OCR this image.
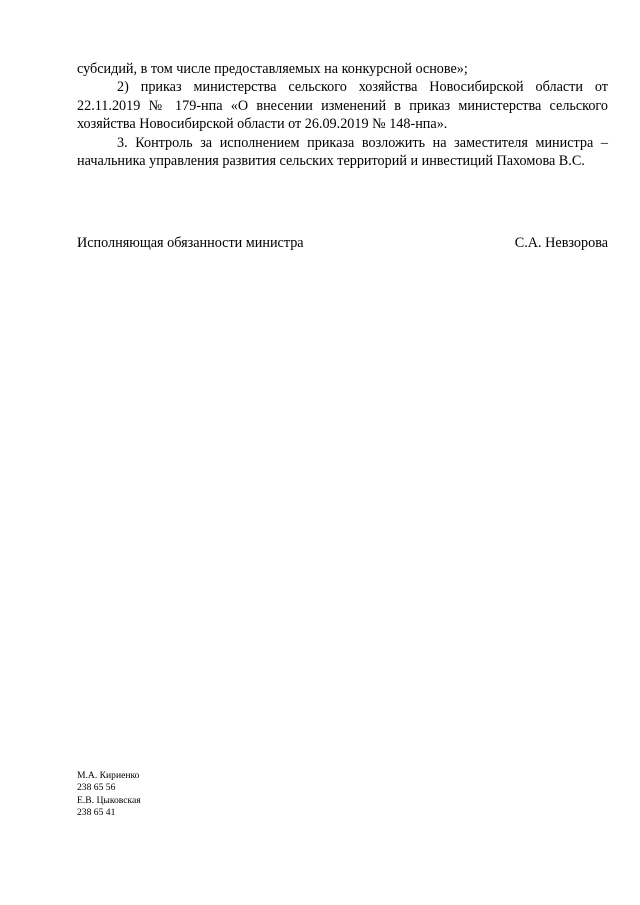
субсидий, в том числе предоставляемых на конкурсной основе»;

2) приказ министерства сельского хозяйства Новосибирской области от 22.11.2019 № 179-нпа «О внесении изменений в приказ министерства сельского хозяйства Новосибирской области от 26.09.2019 № 148-нпа».

3. Контроль за исполнением приказа возложить на заместителя министра – начальника управления развития сельских территорий и инвестиций Пахомова В.С.

Исполняющая обязанности министра	С.А. Невзорова
М.А. Кириенко
238 65 56
Е.В. Цыковская
238 65 41
